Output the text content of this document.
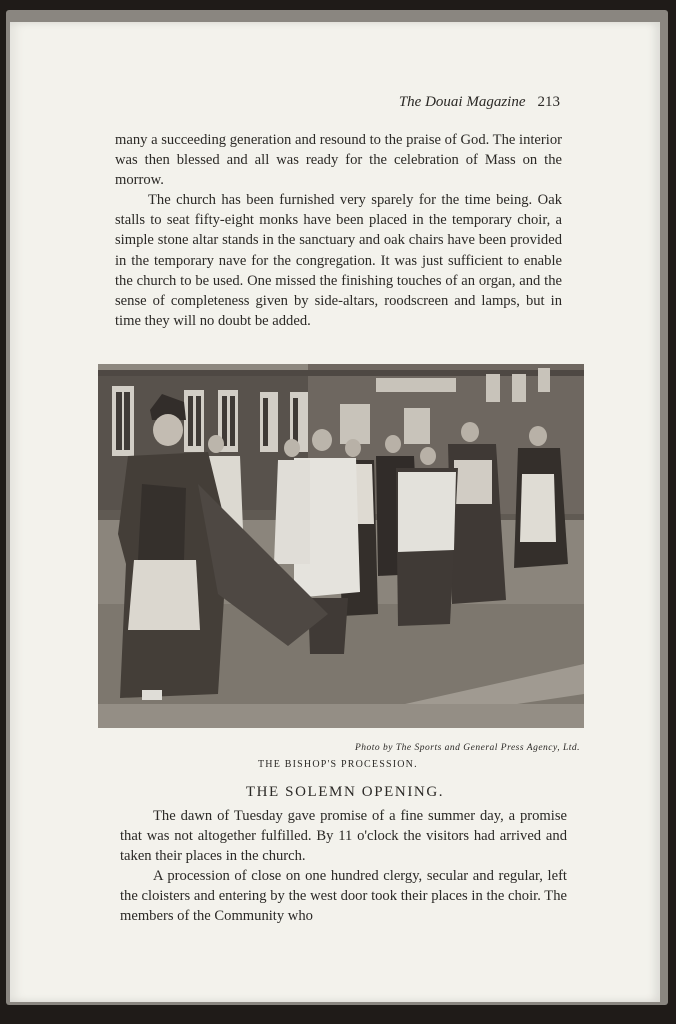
The Douai Magazine 213

many a succeeding generation and resound to the praise of God. The interior was then blessed and all was ready for the celebration of Mass on the morrow.

The church has been furnished very sparely for the time being. Oak stalls to seat fifty-eight monks have been placed in the temporary choir, a simple stone altar stands in the sanctuary and oak chairs have been provided in the temporary nave for the congregation. It was just sufficient to enable the church to be used. One missed the finishing touches of an organ, and the sense of completeness given by side-altars, roodscreen and lamps, but in time they will no doubt be added.

Photo by The Sports and General Press Agency, Ltd.
THE BISHOP'S PROCESSION.
THE SOLEMN OPENING.

The dawn of Tuesday gave promise of a fine summer day, a promise that was not altogether fulfilled. By 11 o'clock the visitors had arrived and taken their places in the church.

A procession of close on one hundred clergy, secular and regular, left the cloisters and entering by the west door took their places in the choir. The members of the Community who
